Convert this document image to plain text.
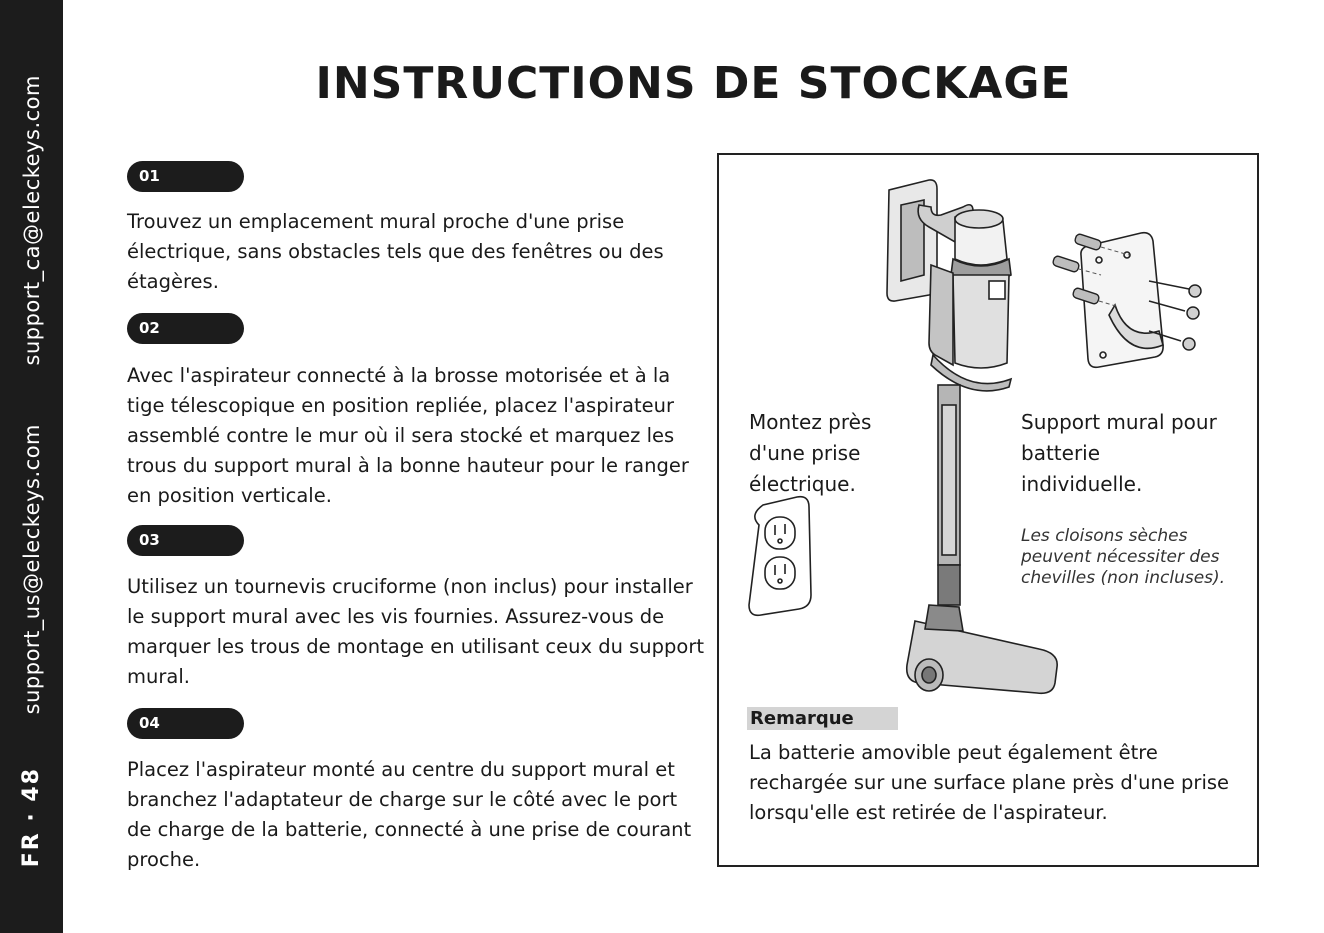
support_ca@eleckeys.com
support_us@eleckeys.com
FR · 48
INSTRUCTIONS DE STOCKAGE
01

Trouvez un emplacement mural proche d'une prise électrique, sans obstacles tels que des fenêtres ou des étagères.

02

Avec l'aspirateur connecté à la brosse motorisée et à la tige télescopique en position repliée, placez l'aspirateur assemblé contre le mur où il sera stocké et marquez les trous du support mural à la bonne hauteur pour le ranger en position verticale.

03

Utilisez un tournevis cruciforme (non inclus) pour installer le support mural avec les vis fournies. Assurez-vous de marquer les trous de montage en utilisant ceux du support mural.

04

Placez l'aspirateur monté au centre du support mural et branchez l'adaptateur de charge sur le côté avec le port de charge de la batterie, connecté à une prise de courant proche.

Montez près d'une prise électrique.

Support mural pour batterie individuelle.

Les cloisons sèches peuvent nécessiter des chevilles (non incluses).

Remarque

La batterie amovible peut également être rechargée sur une surface plane près d'une prise lorsqu'elle est retirée de l'aspirateur.
